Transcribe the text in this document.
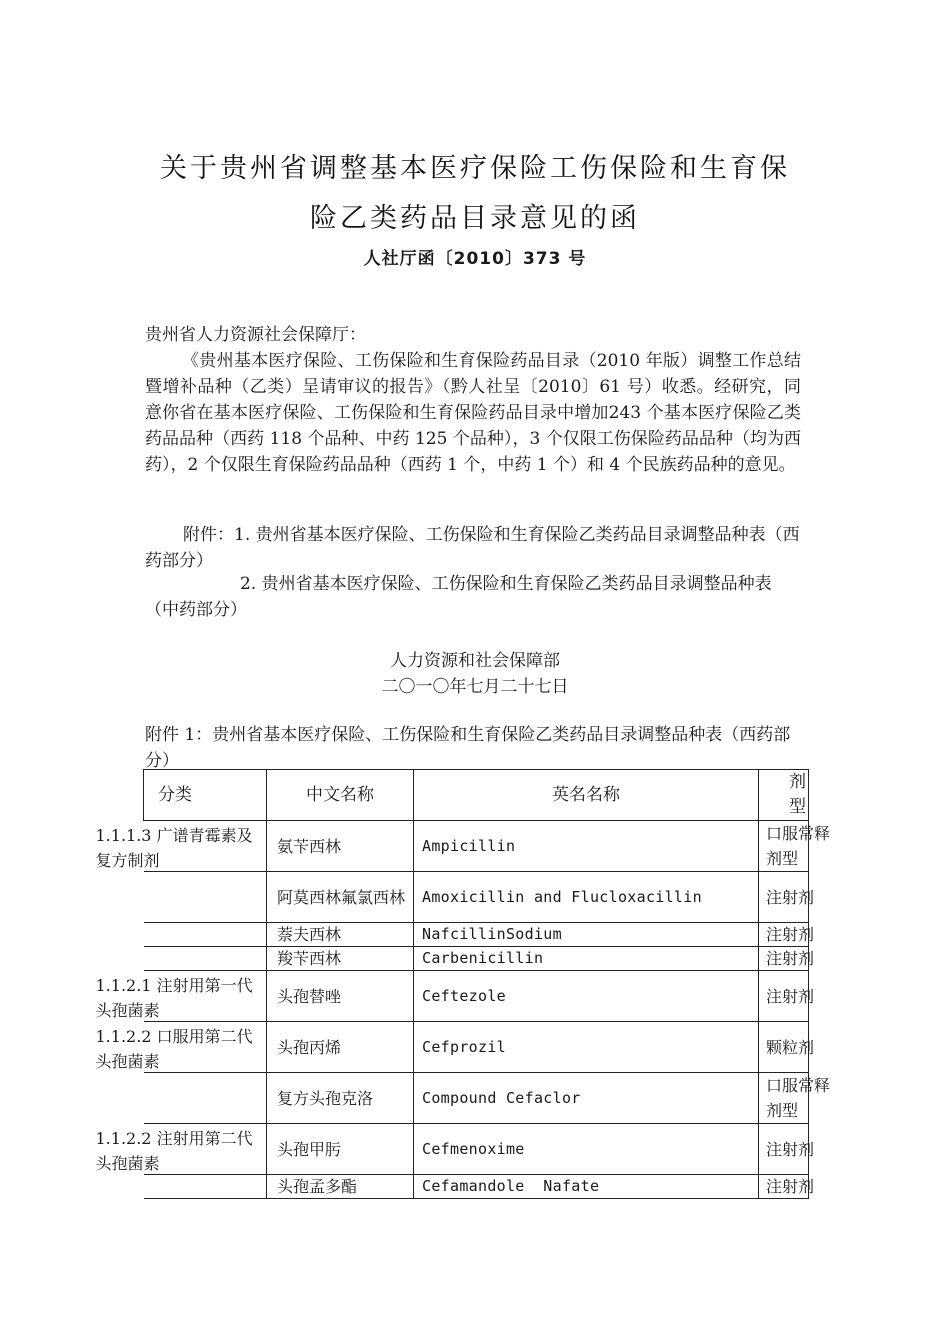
关于贵州省调整基本医疗保险工伤保险和生育保
险乙类药品目录意见的函
人社厅函〔2010〕373 号
贵州省人力资源社会保障厅：
《贵州基本医疗保险、工伤保险和生育保险药品目录（2010 年版）调整工作总结暨增补品种（乙类）呈请审议的报告》（黔人社呈〔2010〕61 号）收悉。经研究，同意你省在基本医疗保险、工伤保险和生育保险药品目录中增加243 个基本医疗保险乙类药品品种（西药 118 个品种、中药 125 个品种），3 个仅限工伤保险药品品种（均为西药），2 个仅限生育保险药品品种（西药 1 个，中药 1 个）和 4 个民族药品种的意见。
附件：1. 贵州省基本医疗保险、工伤保险和生育保险乙类药品目录调整品种表（西药部分）
2. 贵州省基本医疗保险、工伤保险和生育保险乙类药品目录调整品种表（中药部分）
人力资源和社会保障部
二〇一〇年七月二十七日
附件 1：贵州省基本医疗保险、工伤保险和生育保险乙类药品目录调整品种表（西药部分）
分类	中文名称	英名名称	剂型

1.1.1.3 广谱青霉素及复方制剂	氨苄西林	Ampicillin	口服常释剂型

	阿莫西林氟氯西林	Amoxicillin and Flucloxacillin	注射剂

	萘夫西林	NafcillinSodium	注射剂

	羧苄西林	Carbenicillin	注射剂

1.1.2.1 注射用第一代头孢菌素	头孢替唑	Ceftezole	注射剂

1.1.2.2 口服用第二代头孢菌素	头孢丙烯	Cefprozil	颗粒剂

	复方头孢克洛	Compound Cefaclor	口服常释剂型

1.1.2.2 注射用第二代头孢菌素	头孢甲肟	Cefmenoxime	注射剂

	头孢孟多酯	Cefamandole  Nafate	注射剂
